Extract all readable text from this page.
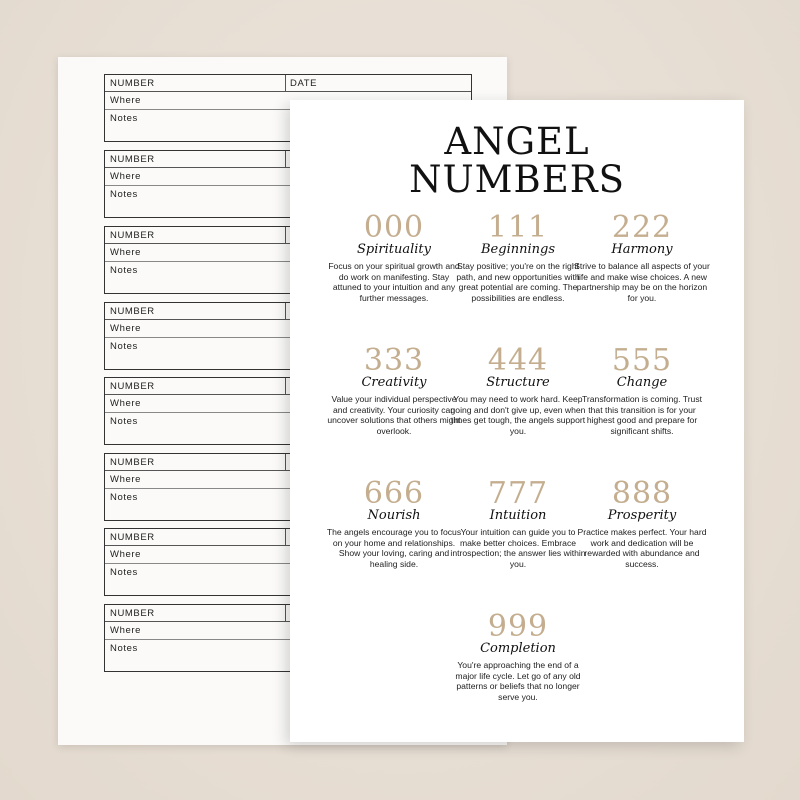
NUMBER	DATE
Where
Notes
NUMBER
Where
Notes
NUMBER
Where
Notes
NUMBER
Where
Notes
NUMBER
Where
Notes
NUMBER
Where
Notes
NUMBER
Where
Notes
NUMBER
Where
Notes
ANGEL
NUMBERS
000
Spirituality
Focus on your spiritual growth and do work on manifesting. Stay attuned to your intuition and any further messages.
111
Beginnings
Stay positive; you're on the right path, and new opportunities with great potential are coming. The possibilities are endless.
222
Harmony
Strive to balance all aspects of your life and make wise choices. A new partnership may be on the horizon for you.
333
Creativity
Value your individual perspective and creativity. Your curiosity can uncover solutions that others might overlook.
444
Structure
You may need to work hard. Keep going and don't give up, even when times get tough, the angels support you.
555
Change
Transformation is coming. Trust that this transition is for your highest good and prepare for significant shifts.
666
Nourish
The angels encourage you to focus on your home and relationships. Show your loving, caring and healing side.
777
Intuition
Your intuition can guide you to make better choices. Embrace introspection; the answer lies within you.
888
Prosperity
Practice makes perfect. Your hard work and dedication will be rewarded with abundance and success.
999
Completion
You're approaching the end of a major life cycle. Let go of any old patterns or beliefs that no longer serve you.
